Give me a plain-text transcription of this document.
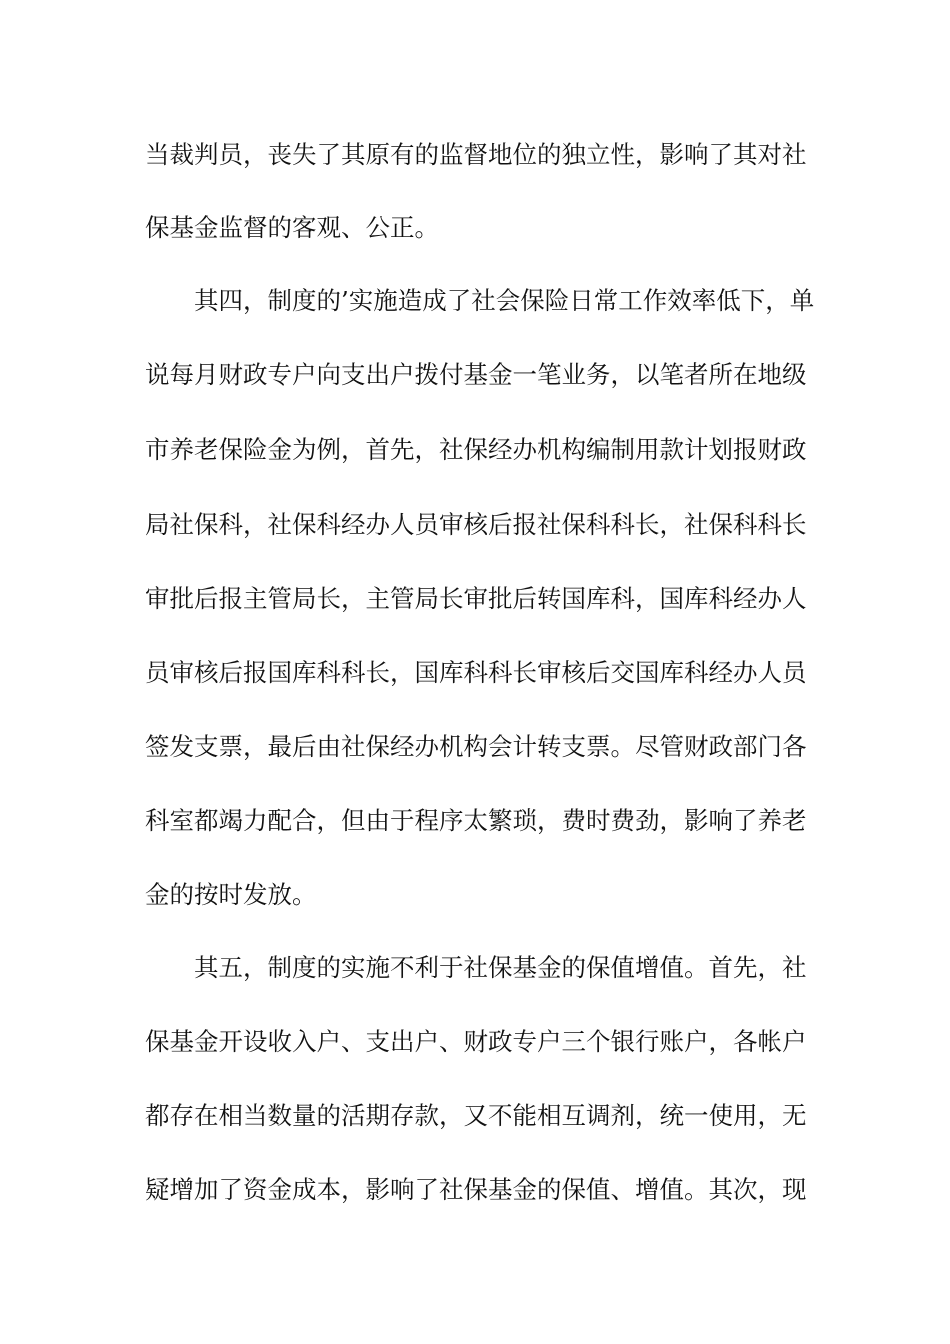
当裁判员，丧失了其原有的监督地位的独立性，影响了其对社
保基金监督的客观、公正。
其四，制度的’实施造成了社会保险日常工作效率低下，单
说每月财政专户向支出户拨付基金一笔业务，以笔者所在地级
市养老保险金为例，首先，社保经办机构编制用款计划报财政
局社保科，社保科经办人员审核后报社保科科长，社保科科长
审批后报主管局长，主管局长审批后转国库科，国库科经办人
员审核后报国库科科长，国库科科长审核后交国库科经办人员
签发支票，最后由社保经办机构会计转支票。尽管财政部门各
科室都竭力配合，但由于程序太繁琐，费时费劲，影响了养老
金的按时发放。
其五，制度的实施不利于社保基金的保值增值。首先，社
保基金开设收入户、支出户、财政专户三个银行账户，各帐户
都存在相当数量的活期存款，又不能相互调剂，统一使用，无
疑增加了资金成本，影响了社保基金的保值、增值。其次，现
